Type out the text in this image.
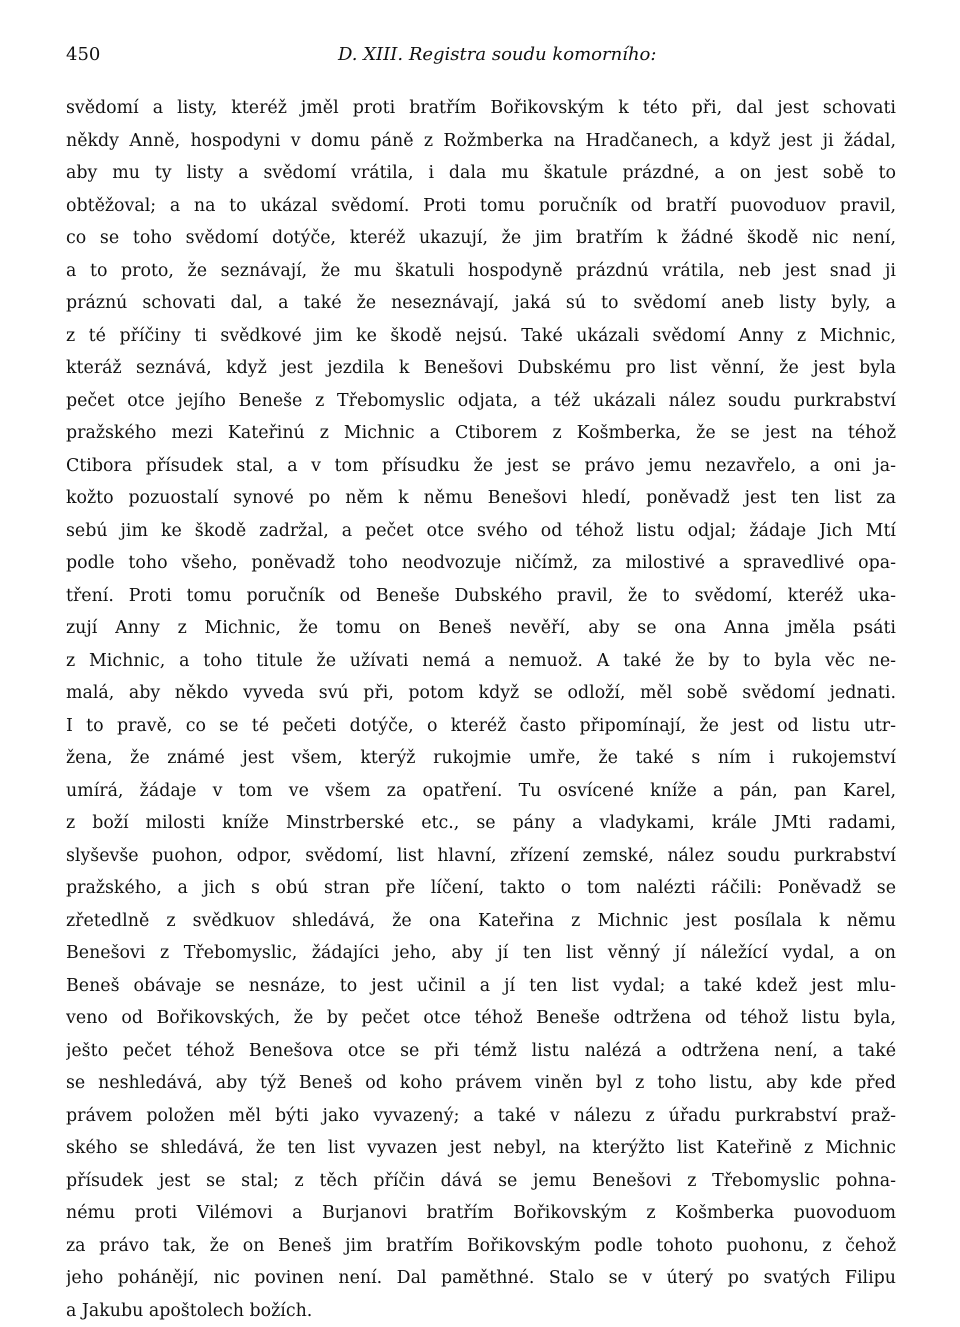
450	D. XIII. Registra soudu komorního:
svědomí a listy, kteréž jměl proti bratřím Bořikovským k této při, dal jest schovati
někdy Anně, hospodyni v domu páně z Rožmberka na Hradčanech, a když jest ji žádal,
aby mu ty listy a svědomí vrátila, i dala mu škatule prázdné, a on jest sobě to
obtěžoval; a na to ukázal svědomí. Proti tomu poručník od bratří puovoduov pravil,
co se toho svědomí dotýče, kteréž ukazují, že jim bratřím k žádné škodě nic není,
a to proto, že seznávají, že mu škatuli hospodyně prázdnú vrátila, neb jest snad ji
práznú schovati dal, a také že neseznávají, jaká sú to svědomí aneb listy byly, a
z té příčiny ti svědkové jim ke škodě nejsú. Také ukázali svědomí Anny z Michnic,
kteráž seznává, když jest jezdila k Benešovi Dubskému pro list věnní, že jest byla
pečet otce jejího Beneše z Třebomyslic odjata, a též ukázali nález soudu purkrabství
pražského mezi Kateřinú z Michnic a Ctiborem z Košmberka, že se jest na téhož
Ctibora přísudek stal, a v tom přísudku že jest se právo jemu nezavřelo, a oni ja-
kožto pozuostalí synové po něm k němu Benešovi hledí, poněvadž jest ten list za
sebú jim ke škodě zadržal, a pečet otce svého od téhož listu odjal; žádaje Jich Mtí
podle toho všeho, poněvadž toho neodvozuje ničímž, za milostivé a spravedlivé opa-
tření. Proti tomu poručník od Beneše Dubského pravil, že to svědomí, kteréž uka-
zují Anny z Michnic, že tomu on Beneš nevěří, aby se ona Anna jměla psáti
z Michnic, a toho titule že užívati nemá a nemuož. A také že by to byla věc ne-
malá, aby někdo vyveda svú při, potom když se odloží, měl sobě svědomí jednati.
I to pravě, co se té pečeti dotýče, o kteréž často připomínají, že jest od listu utr-
žena, že známé jest všem, kterýž rukojmie umře, že také s ním i rukojemství
umírá, žádaje v tom ve všem za opatření. Tu osvícené kníže a pán, pan Karel,
z boží milosti kníže Minstrberské etc., se pány a vladykami, krále JMti radami,
slyševše puohon, odpor, svědomí, list hlavní, zřízení zemské, nález soudu purkrabství
pražského, a jich s obú stran pře líčení, takto o tom nalézti ráčili: Poněvadž se
zřetedlně z svědkuov shledává, že ona Kateřina z Michnic jest posílala k němu
Benešovi z Třebomyslic, žádajíci jeho, aby jí ten list věnný jí náležící vydal, a on
Beneš obávaje se nesnáze, to jest učinil a jí ten list vydal; a také kdež jest mlu-
veno od Bořikovských, že by pečet otce téhož Beneše odtržena od téhož listu byla,
ješto pečet téhož Benešova otce se při témž listu nalézá a odtržena není, a také
se neshledává, aby týž Beneš od koho právem viněn byl z toho listu, aby kde před
právem položen měl býti jako vyvazený; a také v nálezu z úřadu purkrabství praž-
ského se shledává, že ten list vyvazen jest nebyl, na kterýžto list Kateřině z Michnic
přísudek jest se stal; z těch příčin dává se jemu Benešovi z Třebomyslic pohna-
nému proti Vilémovi a Burjanovi bratřím Bořikovským z Košmberka puovoduom
za právo tak, že on Beneš jim bratřím Bořikovským podle tohoto puohonu, z čehož
jeho pohánějí, nic povinen není. Dal paměthné. Stalo se v úterý po svatých Filipu
a Jakubu apoštolech božích.
